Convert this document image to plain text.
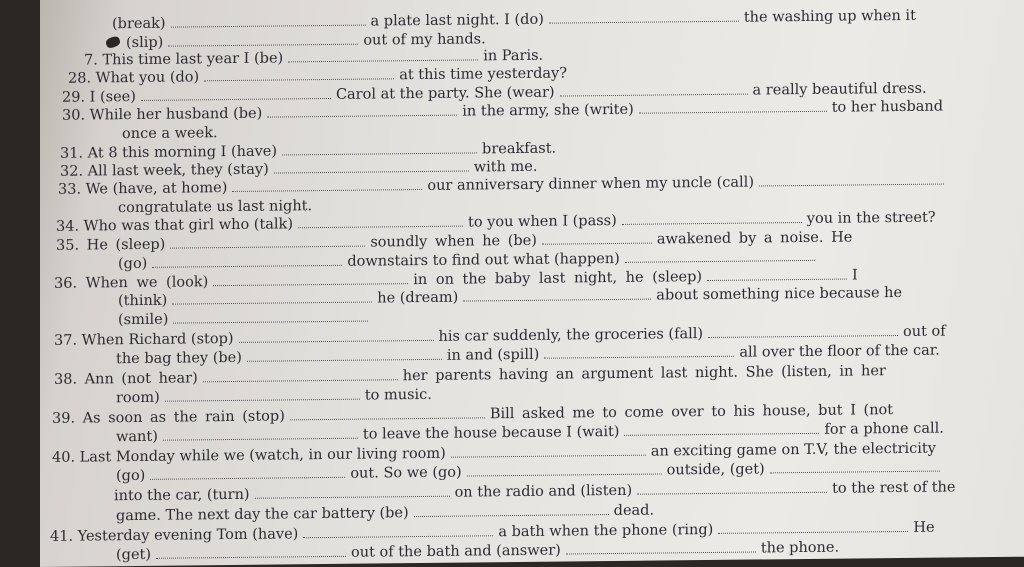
(break)	a plate last night. I (do)	the washing up when it
(slip)	out of my hands.
7. This time last year I (be)	in Paris.
28. What you (do)	at this time yesterday?
29. I (see)	Carol at the party. She (wear)	a really beautiful dress.
30. While her husband (be)	in the army, she (write)	to her husband
once a week.
31. At 8 this morning I (have)	breakfast.
32. All last week, they (stay)	with me.
33. We (have, at home)	our anniversary dinner when my uncle (call)
congratulate us last night.
34. Who was that girl who (talk)	to you when I (pass)	you in the street?
35. He (sleep)	soundly when he (be)	awakened by a noise. He
(go)	downstairs to find out what (happen)
36. When we (look)	in on the baby last night, he (sleep)	I
(think)	he (dream)	about something nice because he
(smile)
37. When Richard (stop)	his car suddenly, the groceries (fall)	out of
the bag they (be)	in and (spill)	all over the floor of the car.
38. Ann (not hear)	her parents having an argument last night. She (listen, in her
room)	to music.
39. As soon as the rain (stop)	Bill asked me to come over to his house, but I (not
want)	to leave the house because I (wait)	for a phone call.
40. Last Monday while we (watch, in our living room)	an exciting game on T.V, the electricity
(go)	out. So we (go)	outside, (get)
into the car, (turn)	on the radio and (listen)	to the rest of the
game. The next day the car battery (be)	dead.
41. Yesterday evening Tom (have)	a bath when the phone (ring)	He
(get)	out of the bath and (answer)	the phone.
